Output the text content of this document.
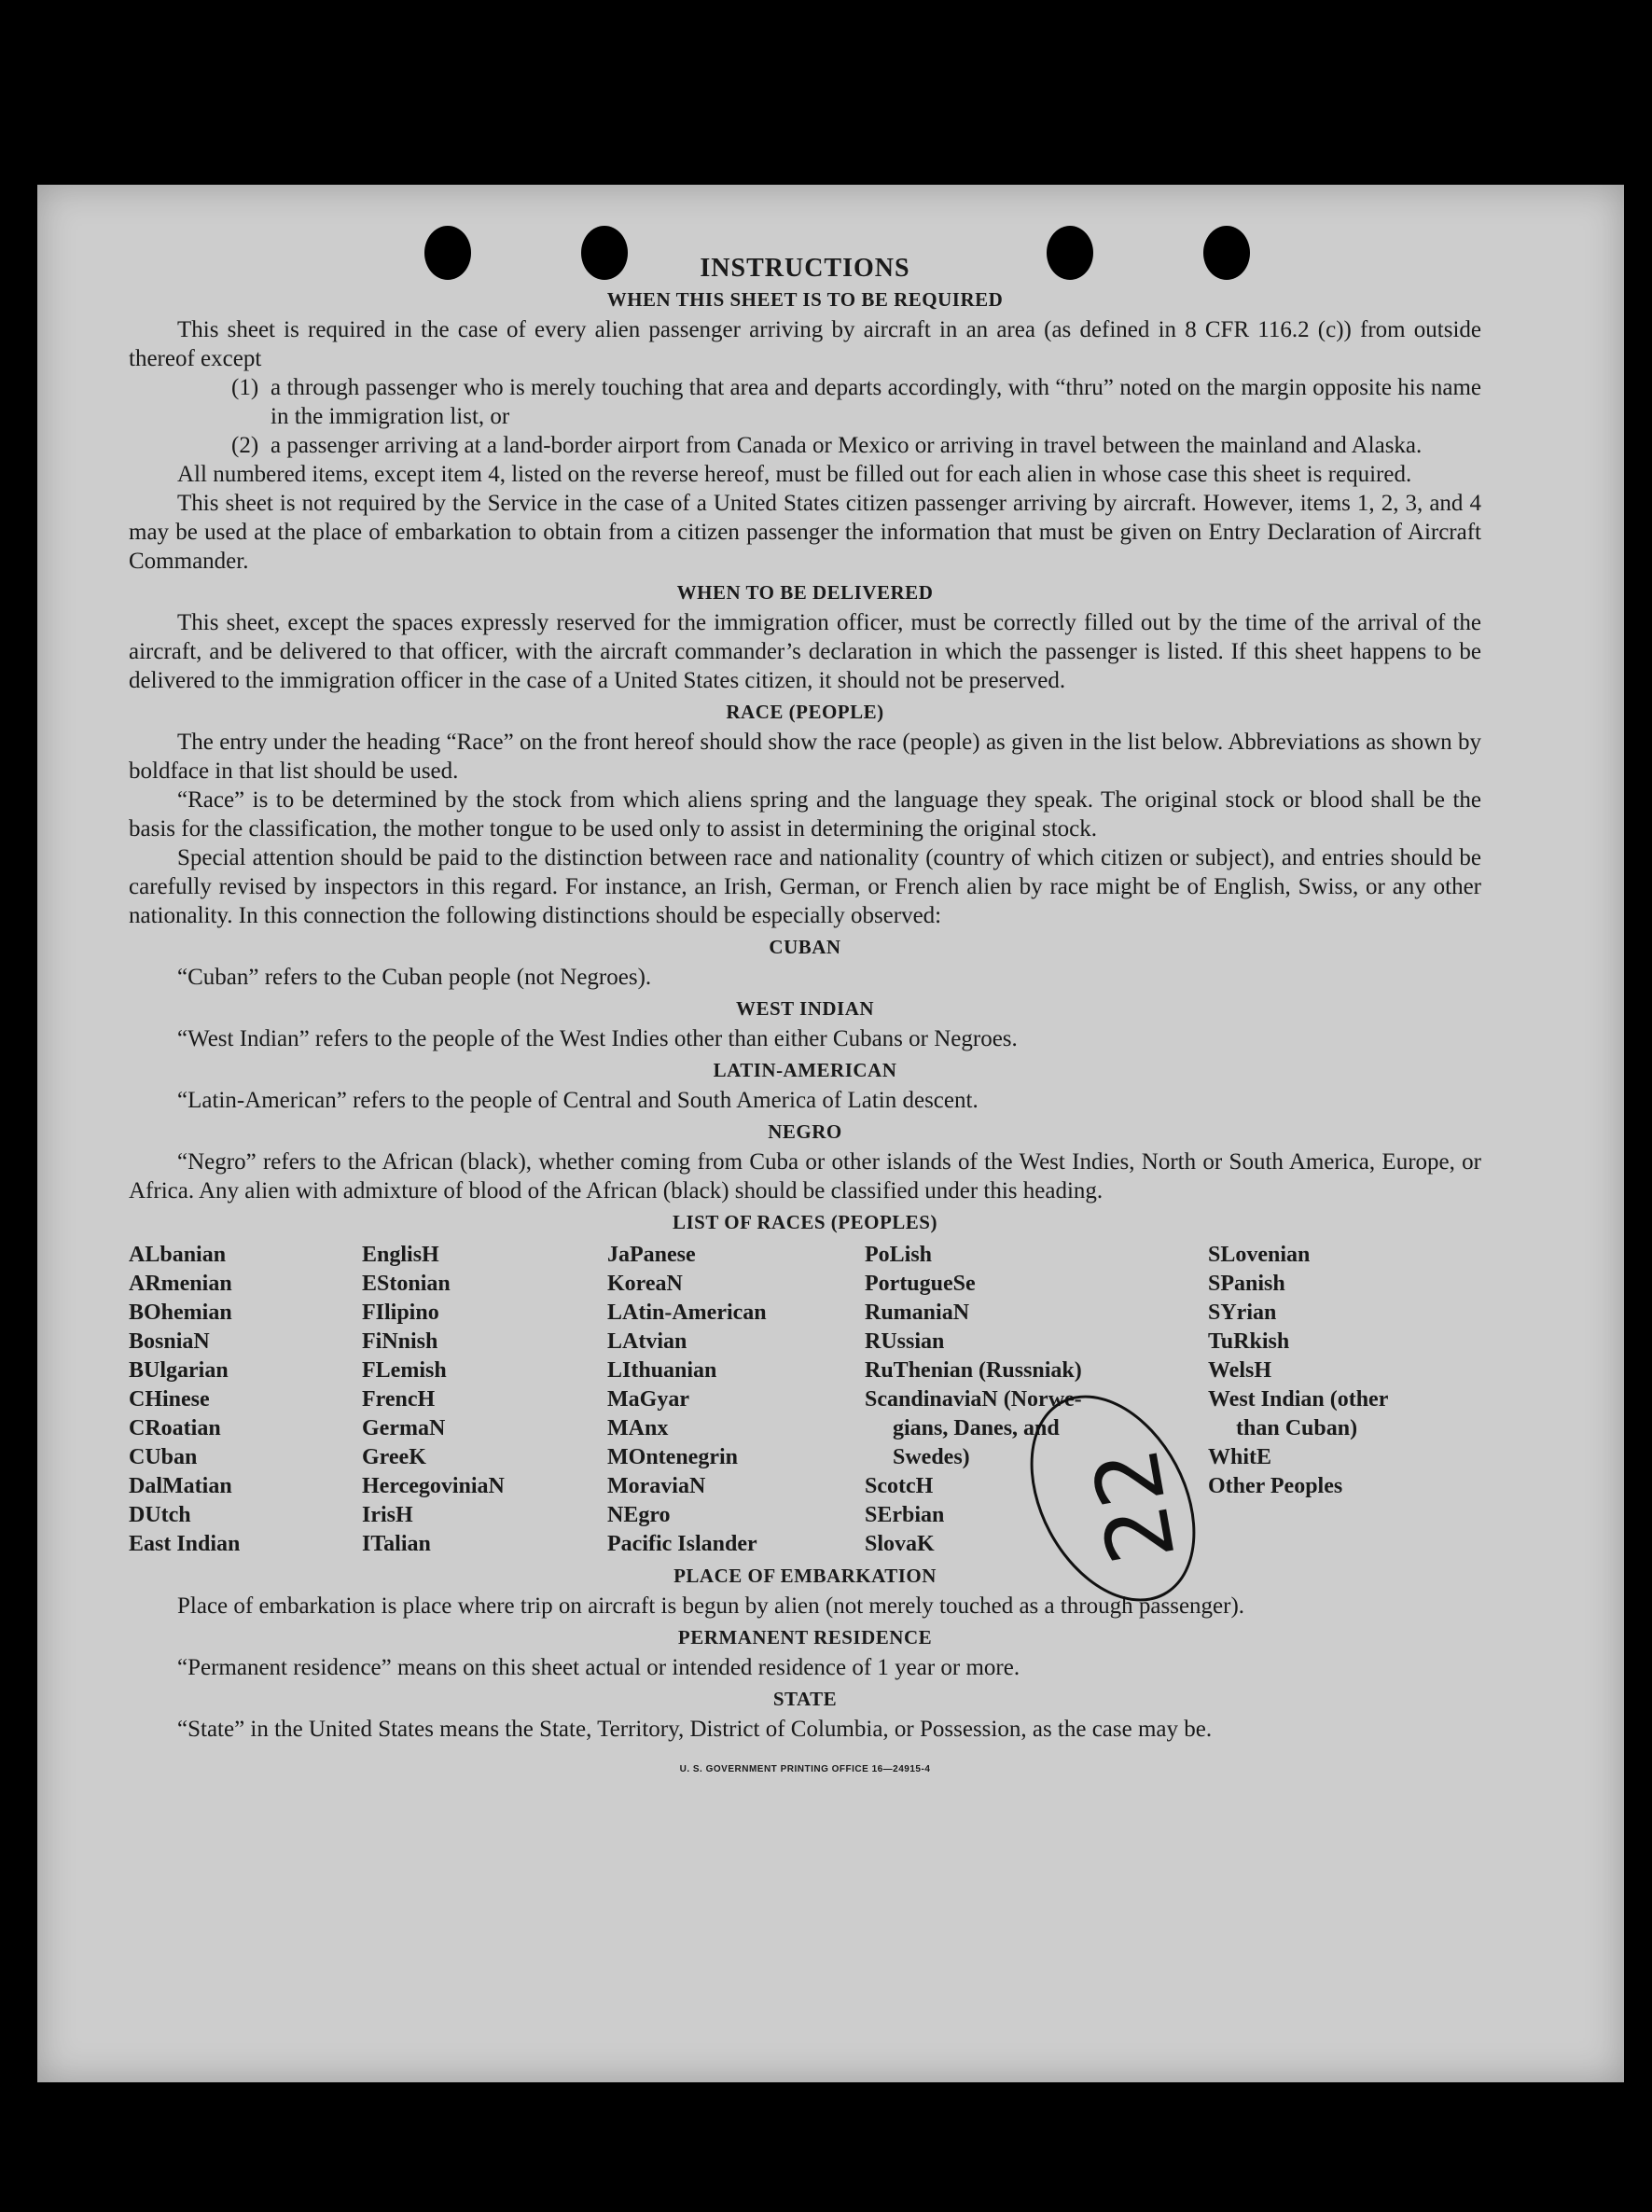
INSTRUCTIONS
WHEN THIS SHEET IS TO BE REQUIRED

This sheet is required in the case of every alien passenger arriving by aircraft in an area (as defined in 8 CFR 116.2 (c)) from outside thereof except

(1) a through passenger who is merely touching that area and departs accordingly, with “thru” noted on the margin opposite his name in the immigration list, or
(2) a passenger arriving at a land-border airport from Canada or Mexico or arriving in travel between the mainland and Alaska.

All numbered items, except item 4, listed on the reverse hereof, must be filled out for each alien in whose case this sheet is required.

This sheet is not required by the Service in the case of a United States citizen passenger arriving by aircraft. However, items 1, 2, 3, and 4 may be used at the place of embarkation to obtain from a citizen passenger the information that must be given on Entry Declaration of Aircraft Commander.

WHEN TO BE DELIVERED

This sheet, except the spaces expressly reserved for the immigration officer, must be correctly filled out by the time of the arrival of the aircraft, and be delivered to that officer, with the aircraft commander’s declaration in which the passenger is listed. If this sheet happens to be delivered to the immigration officer in the case of a United States citizen, it should not be preserved.

RACE (PEOPLE)

The entry under the heading “Race” on the front hereof should show the race (people) as given in the list below. Abbreviations as shown by boldface in that list should be used.

“Race” is to be determined by the stock from which aliens spring and the language they speak. The original stock or blood shall be the basis for the classification, the mother tongue to be used only to assist in determining the original stock.

Special attention should be paid to the distinction between race and nationality (country of which citizen or subject), and entries should be carefully revised by inspectors in this regard. For instance, an Irish, German, or French alien by race might be of English, Swiss, or any other nationality. In this connection the following distinctions should be especially observed:

CUBAN

“Cuban” refers to the Cuban people (not Negroes).

WEST INDIAN

“West Indian” refers to the people of the West Indies other than either Cubans or Negroes.

LATIN-AMERICAN

“Latin-American” refers to the people of Central and South America of Latin descent.

NEGRO

“Negro” refers to the African (black), whether coming from Cuba or other islands of the West Indies, North or South America, Europe, or Africa. Any alien with admixture of blood of the African (black) should be classified under this heading.

LIST OF RACES (PEOPLES)
ALbanian
ARmenian
BOhemian
BosniaN
BUlgarian
CHinese
CRoatian
CUban
DalMatian
DUtch
East Indian
EnglisH
EStonian
FIlipino
FiNnish
FLemish
FrencH
GermaN
GreeK
HercegoviniaN
IrisH
ITalian
JaPanese
KoreaN
LAtin-American
LAtvian
LIthuanian
MaGyar
MAnx
MOntenegrin
MoraviaN
NEgro
Pacific Islander
PoLish
PortugueSe
RumaniaN
RUssian
RuThenian (Russniak)
ScandinaviaN (Norwe-
gians, Danes, and
Swedes)
ScotcH
SErbian
SlovaK
SLovenian
SPanish
SYrian
TuRkish
WelsH
West Indian (other
than Cuban)
WhitE
Other Peoples
PLACE OF EMBARKATION

Place of embarkation is place where trip on aircraft is begun by alien (not merely touched as a through passenger).

PERMANENT RESIDENCE

“Permanent residence” means on this sheet actual or intended residence of 1 year or more.

STATE

“State” in the United States means the State, Territory, District of Columbia, or Possession, as the case may be.

U. S. GOVERNMENT PRINTING OFFICE 16—24915-4
22
